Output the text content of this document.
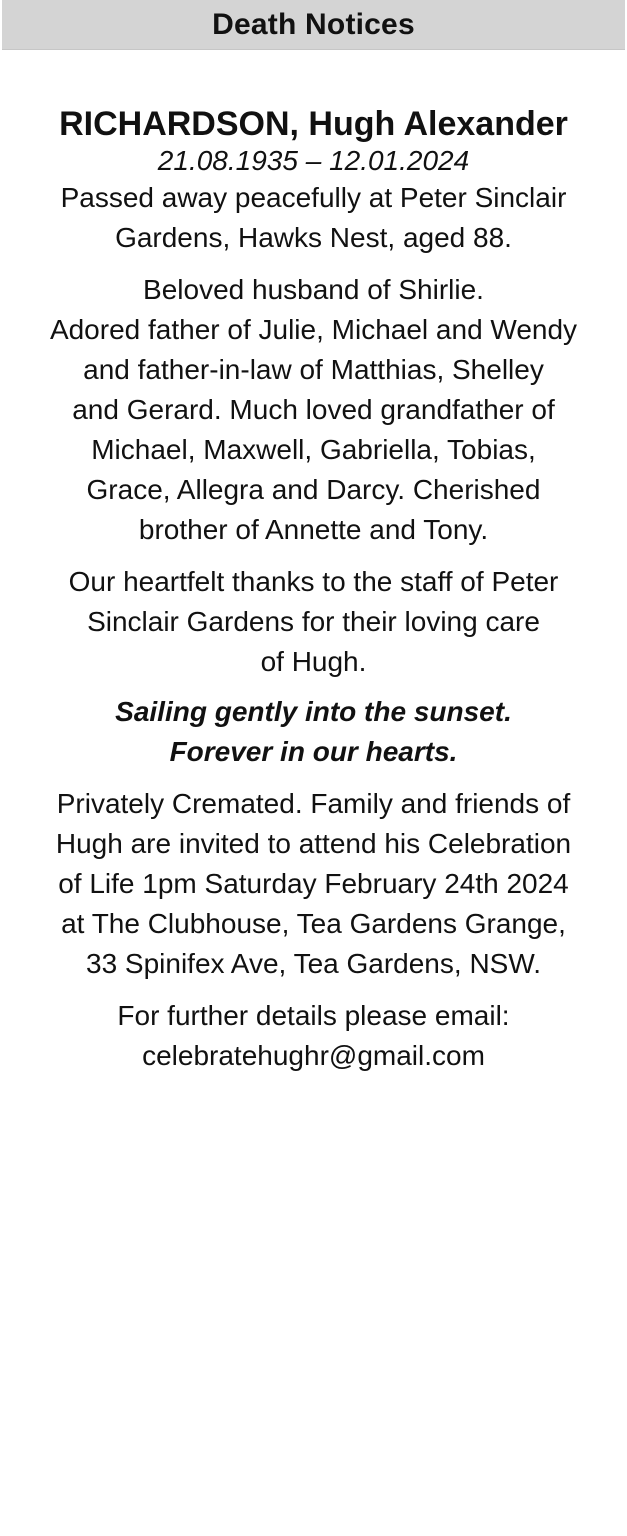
Death Notices

RICHARDSON, Hugh Alexander

21.08.1935 – 12.01.2024

Passed away peacefully at Peter Sinclair
Gardens, Hawks Nest, aged 88.

Beloved husband of Shirlie.
Adored father of Julie, Michael and Wendy
and father-in-law of Matthias, Shelley
and Gerard. Much loved grandfather of
Michael, Maxwell, Gabriella, Tobias,
Grace, Allegra and Darcy. Cherished
brother of Annette and Tony.

Our heartfelt thanks to the staff of Peter
Sinclair Gardens for their loving care
of Hugh.

Sailing gently into the sunset.
Forever in our hearts.

Privately Cremated. Family and friends of
Hugh are invited to attend his Celebration
of Life 1pm Saturday February 24th 2024
at The Clubhouse, Tea Gardens Grange,
33 Spinifex Ave, Tea Gardens, NSW.

For further details please email:
celebratehughr@gmail.com
